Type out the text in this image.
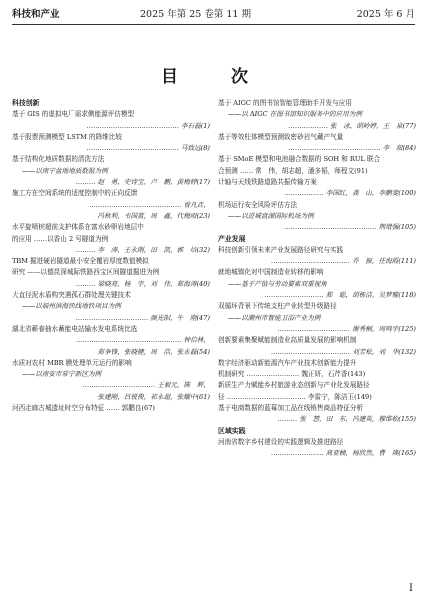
科技和产业	2025 年第 25 卷第 11 期	2025 年 6 月
目　次
科技创新
基于 GIS 的虚拟电厂需求侧能源评估模型
…………………………………… 李石磊(1)
基于股票预测模型 LSTM 的降维比较
…………………………………… 马致远(8)
基于结构化地质数据的清洗方法
——以南宁盆地地质数据为例
……… 赵　勇，史诗宝，卢　鹏，黄梅婷(17)
施工方在空间系统的适度控制中的正向反馈
…………………………………… 曾凡垚，
冯秋利，韦国蓝，周　鑫，代梅雨(23)
水平旋喷桩超前支护体系在富水砂卵岩地层中
的应用 ……以香山 2 号隧道为例
……… 李　涛，王永刚，田　凯，郭　培(32)
TBM 掘进硬岩隧道最小安全覆岩厚度数值模拟
研究 ——以德昆深城际铁路西宝区间隧道掘进为例
……… 梁晓亮，杨　宇，刘　伟，郑海涛(40)
大直径泥水盾构突遇孤石群处理关键技术
——以福州滨海快线地铁项目为例
…………………………… 颜光阳，牛　刚(47)
湖北省蕲春抽水蓄能电站输水发电系统比选
………………………………………… 钟信林，
郑争锋，张晓健，周　浩，张永磊(54)
水质对农村 MBR 膜处理单元运行的影响
——以南安市常宁新区为例
…………………………… 王毅元，陈　辉，
张建刚，吕锐俊，祁永超，张耀中(61)
河西走廊古城遗址时空分布特征 …… 郭鹏良(67)
基于 AIGC 的图书馆智能管理助手开发与应用
——以 AIGC 在图书馆知识服务中的应用为例
……………… 张　冰，胡岭婷，王　泉(77)
基于等效柱体模型预测致密砂岩气藏产气量
…………………………………… 李　叔(84)
基于 SMoE 模型和电池融合数据的 SOH 和 RUL 联合
合预测 …… 常　伟，胡志超，潘多韬，师程文(91)
计轴与天线铁路道路共振传输方案
……………… 李国红，龚　山，李鹏斐(100)
机场运行安全风险评估方法
——以进城盘湖国际机场为例
…………………………………… 荆增强(105)
产业发展
科技创新引领未来产业发展路径研究与实践
……………………………… 乔　振，任海霞(111)
就地城镇化对中国制造业转移的影响
——基于产值与劳动要素双重视角
……………………… 郑　聪，胡栋洁，吴梦雅(118)
双循环背景下传统支柱产业转型升级路径
——以潮州市智能卫浴产业为例
…………………………… 谢秀桐，周鸣宇(125)
创新要素集聚赋能制造业高质量发展的影响机制
……………………………… 刘芳松，刘　华(132)
数字经济驱动新能源汽车产业技术创新能力提升
机制研究 …………………… 魏正妍，石芹香(143)
新质生产力赋能乡村旅游业态创新与产业化发展路径
径 ……………………………… 李雷宁，陈洁玉(149)
基于电商数据的蓝莓加工品在线销售商品特征分析
……… 张　慧，田　东，冯建英，穆维松(155)
区域实践
河南省数字乡村建设的实践逻辑及推进路径
…………………… 高亚楠，杨欣然，曹　瑛(165)
I
